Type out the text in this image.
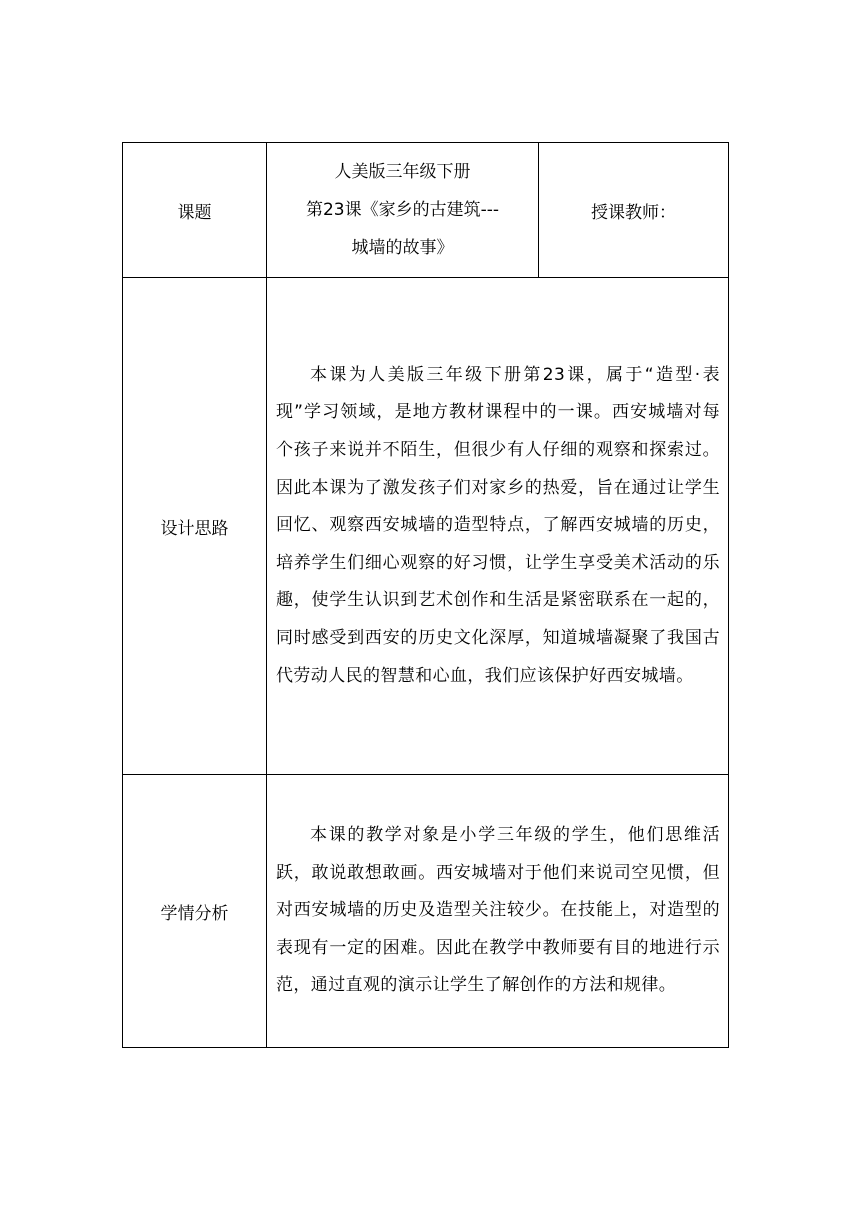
课题	人美版三年级下册
第23课《家乡的古建筑---
城墙的故事》	授课教师：
设计思路	本课为人美版三年级下册第23课，属于“造型·表现”学习领域，是地方教材课程中的一课。西安城墙对每个孩子来说并不陌生，但很少有人仔细的观察和探索过。因此本课为了激发孩子们对家乡的热爱，旨在通过让学生回忆、观察西安城墙的造型特点，了解西安城墙的历史，培养学生们细心观察的好习惯，让学生享受美术活动的乐趣，使学生认识到艺术创作和生活是紧密联系在一起的，同时感受到西安的历史文化深厚，知道城墙凝聚了我国古代劳动人民的智慧和心血，我们应该保护好西安城墙。	

学情分析	本课的教学对象是小学三年级的学生，他们思维活跃，敢说敢想敢画。西安城墙对于他们来说司空见惯，但对西安城墙的历史及造型关注较少。在技能上，对造型的表现有一定的困难。因此在教学中教师要有目的地进行示范，通过直观的演示让学生了解创作的方法和规律。	
